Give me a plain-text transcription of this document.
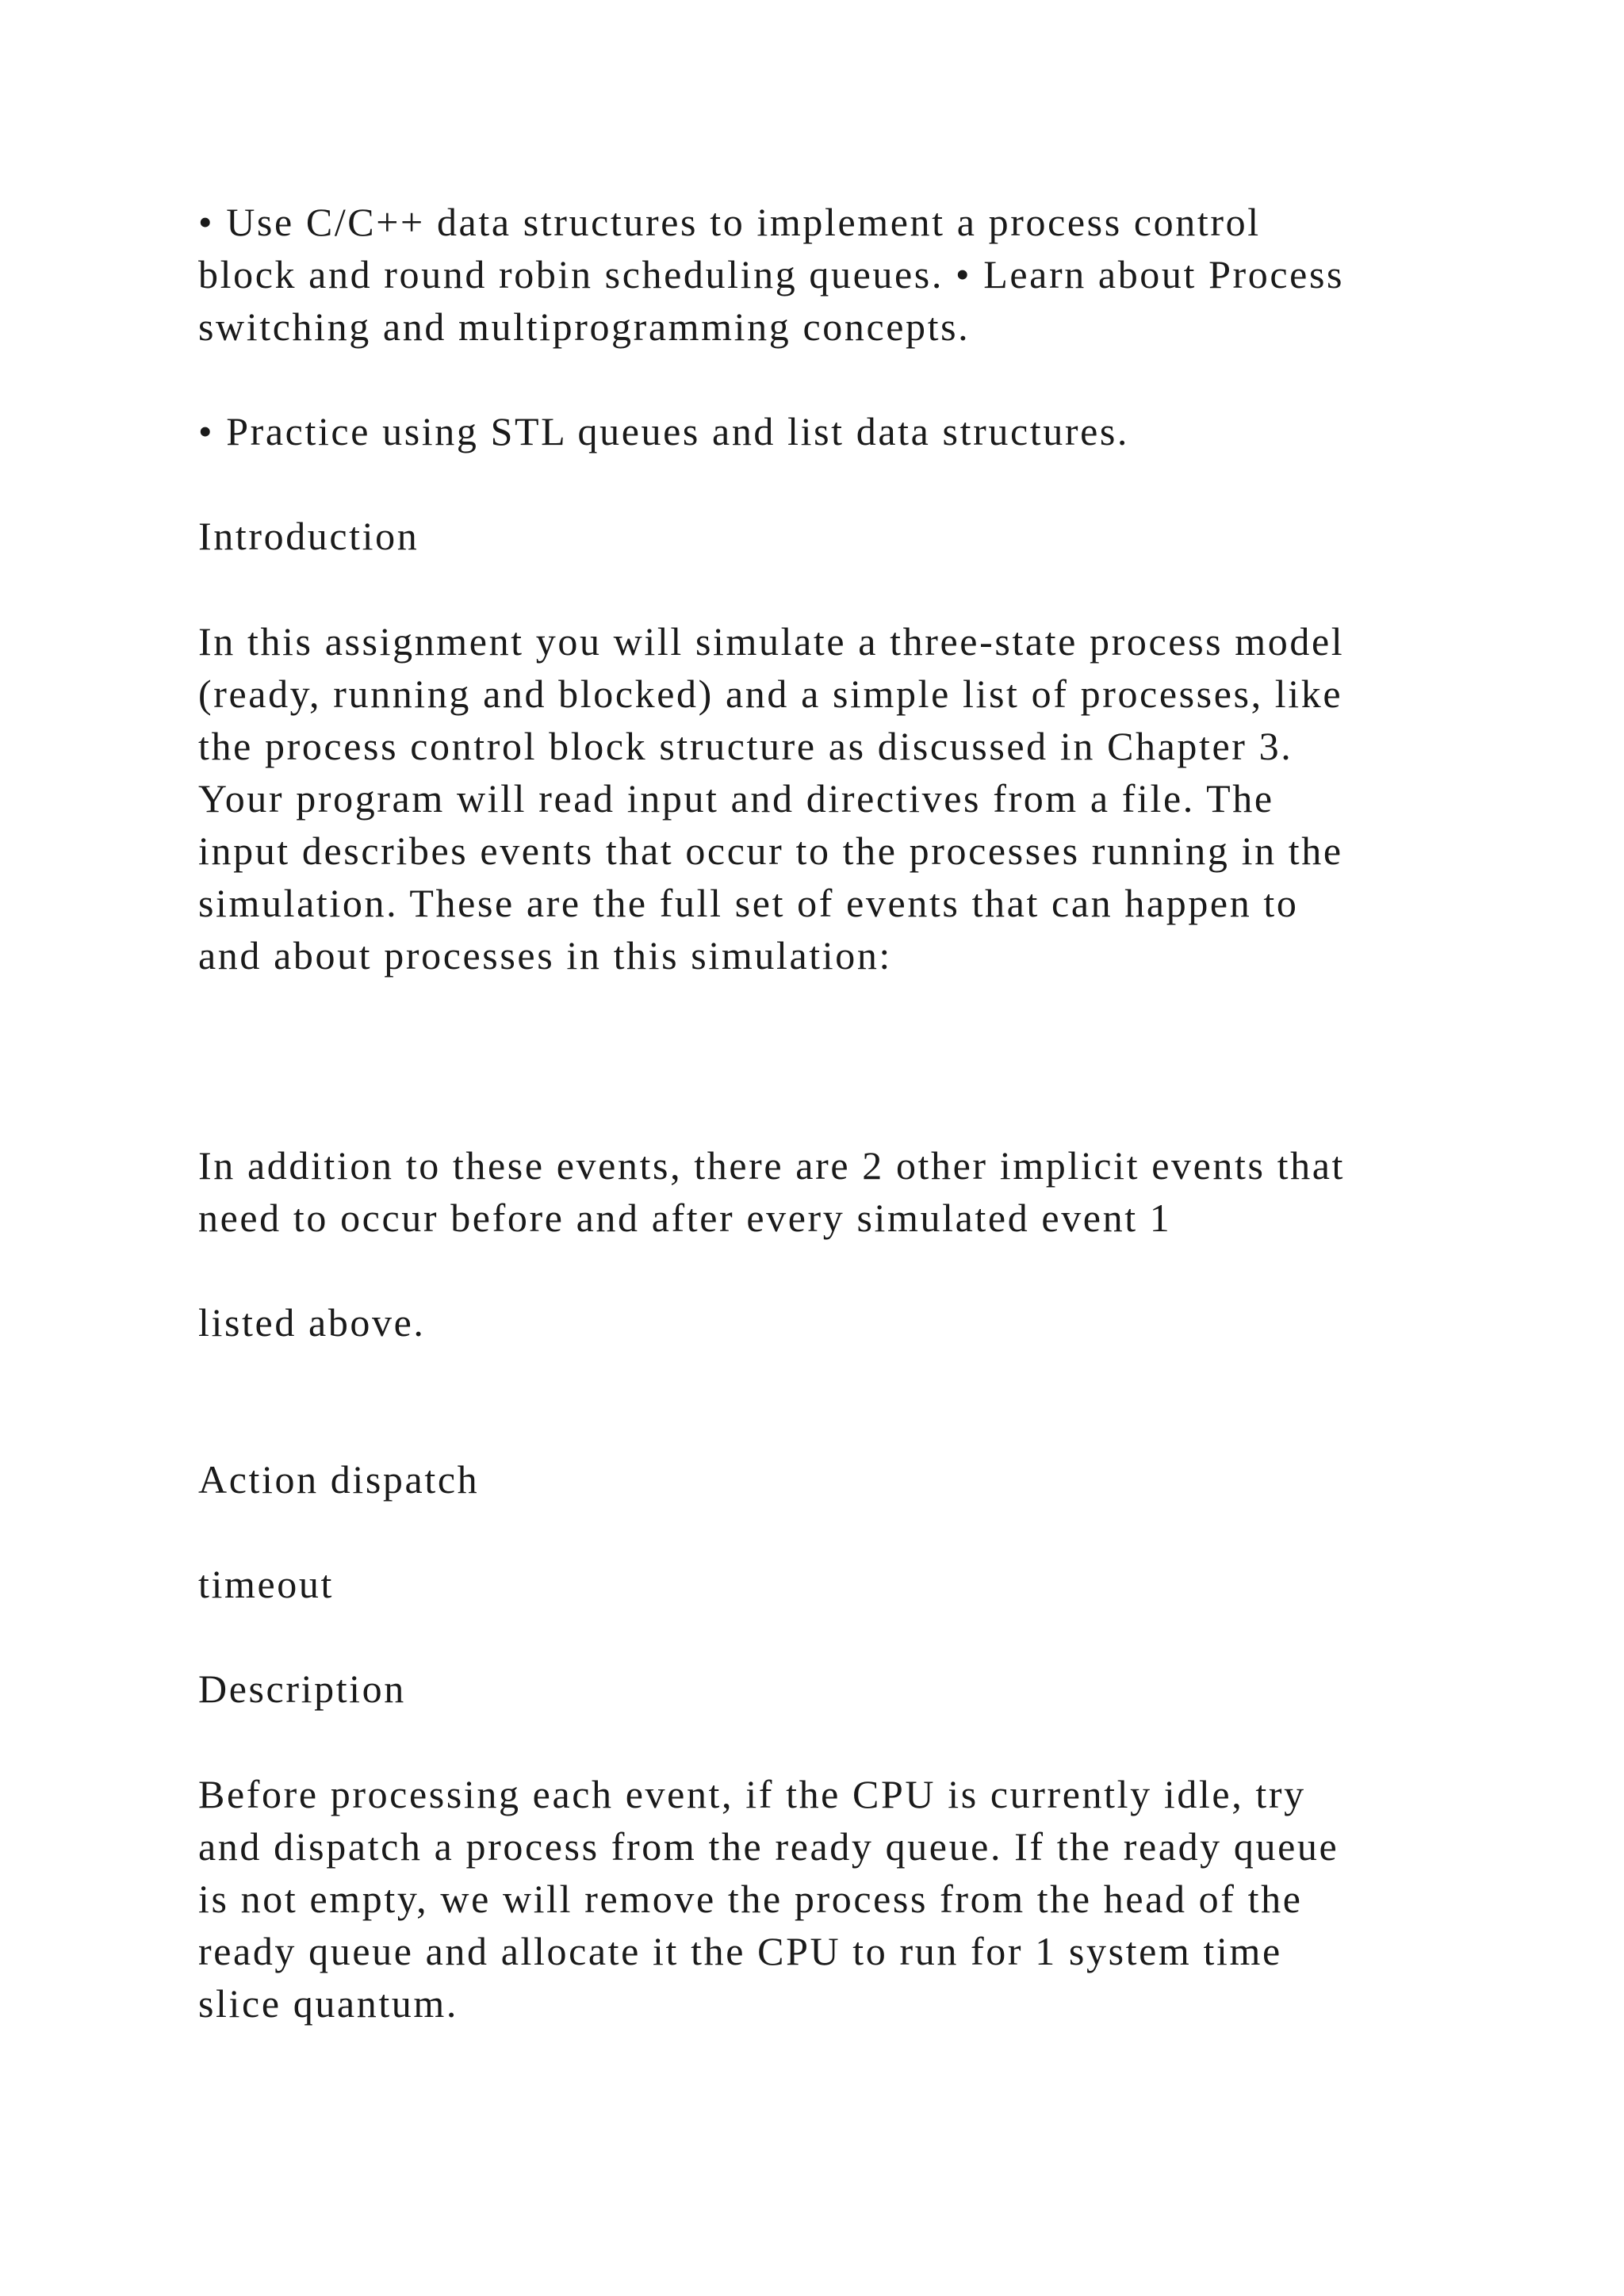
• Use C/C++ data structures to implement a process control

block and round robin scheduling queues. • Learn about Process

switching and multiprogramming concepts.

• Practice using STL queues and list data structures.

Introduction

In this assignment you will simulate a three-state process model

(ready, running and blocked) and a simple list of processes, like

the process control block structure as discussed in Chapter 3.

Your program will read input and directives from a file. The

input describes events that occur to the processes running in the

simulation. These are the full set of events that can happen to

and about processes in this simulation:

In addition to these events, there are 2 other implicit events that

need to occur before and after every simulated event 1

listed above.

Action dispatch

timeout

Description

Before processing each event, if the CPU is currently idle, try

and dispatch a process from the ready queue. If the ready queue

is not empty, we will remove the process from the head of the

ready queue and allocate it the CPU to run for 1 system time

slice quantum.
